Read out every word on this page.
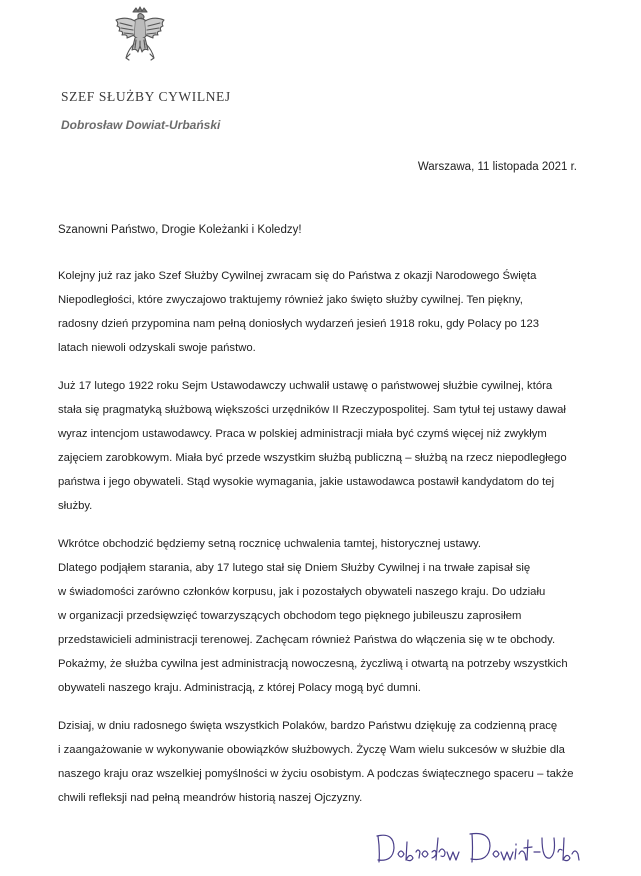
SZEF SŁUŻBY CYWILNEJ
Dobrosław Dowiat-Urbański
Warszawa, 11 listopada 2021 r.
Szanowni Państwo, Drogie Koleżanki i Koledzy!

Kolejny już raz jako Szef Służby Cywilnej zwracam się do Państwa z okazji Narodowego Święta
Niepodległości, które zwyczajowo traktujemy również jako święto służby cywilnej. Ten piękny,
radosny dzień przypomina nam pełną doniosłych wydarzeń jesień 1918 roku, gdy Polacy po 123
latach niewoli odzyskali swoje państwo.

Już 17 lutego 1922 roku Sejm Ustawodawczy uchwalił ustawę o państwowej służbie cywilnej, która
stała się pragmatyką służbową większości urzędników II Rzeczypospolitej. Sam tytuł tej ustawy dawał
wyraz intencjom ustawodawcy. Praca w polskiej administracji miała być czymś więcej niż zwykłym
zajęciem zarobkowym. Miała być przede wszystkim służbą publiczną – służbą na rzecz niepodległego
państwa i jego obywateli. Stąd wysokie wymagania, jakie ustawodawca postawił kandydatom do tej
służby.

Wkrótce obchodzić będziemy setną rocznicę uchwalenia tamtej, historycznej ustawy.
Dlatego podjąłem starania, aby 17 lutego stał się Dniem Służby Cywilnej i na trwałe zapisał się
w świadomości zarówno członków korpusu, jak i pozostałych obywateli naszego kraju. Do udziału
w organizacji przedsięwzięć towarzyszących obchodom tego pięknego jubileuszu zaprosiłem
przedstawicieli administracji terenowej. Zachęcam również Państwa do włączenia się w te obchody.
Pokażmy, że służba cywilna jest administracją nowoczesną, życzliwą i otwartą na potrzeby wszystkich
obywateli naszego kraju. Administracją, z której Polacy mogą być dumni.

Dzisiaj, w dniu radosnego święta wszystkich Polaków, bardzo Państwu dziękuję za codzienną pracę
i zaangażowanie w wykonywanie obowiązków służbowych. Życzę Wam wielu sukcesów w służbie dla
naszego kraju oraz wszelkiej pomyślności w życiu osobistym. A podczas świątecznego spaceru – także
chwili refleksji nad pełną meandrów historią naszej Ojczyzny.
